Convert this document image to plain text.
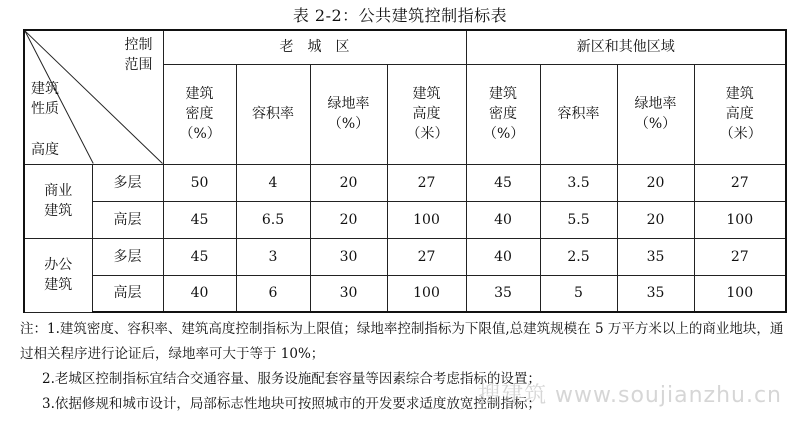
表 2-2：公共建筑控制指标表
控制范围
建筑性质
高度		老　城　区				新区和其他区域			

		建筑密度（%）	容积率	绿地率（%）	建筑高度（米）	建筑密度（%）	容积率	绿地率（%）	建筑高度（米）

商业建筑	多层	50	4	20	27	45	3.5	20	27
	高层	45	6.5	20	100	40	5.5	20	100

办公建筑	多层	45	3	30	27	40	2.5	35	27
	高层	40	6	30	100	35	5	35	100

注：1.建筑密度、容积率、建筑高度控制指标为上限值；绿地率控制指标为下限值,总建筑规模在 5 万平方米以上的商业地块，通过相关程序进行论证后，绿地率可大于等于 10%；

2.老城区控制指标宜结合交通容量、服务设施配套容量等因素综合考虑指标的设置；

3.依据修规和城市设计，局部标志性地块可按照城市的开发要求适度放宽控制指标；

搜建筑 www.soujianzhu.cn
